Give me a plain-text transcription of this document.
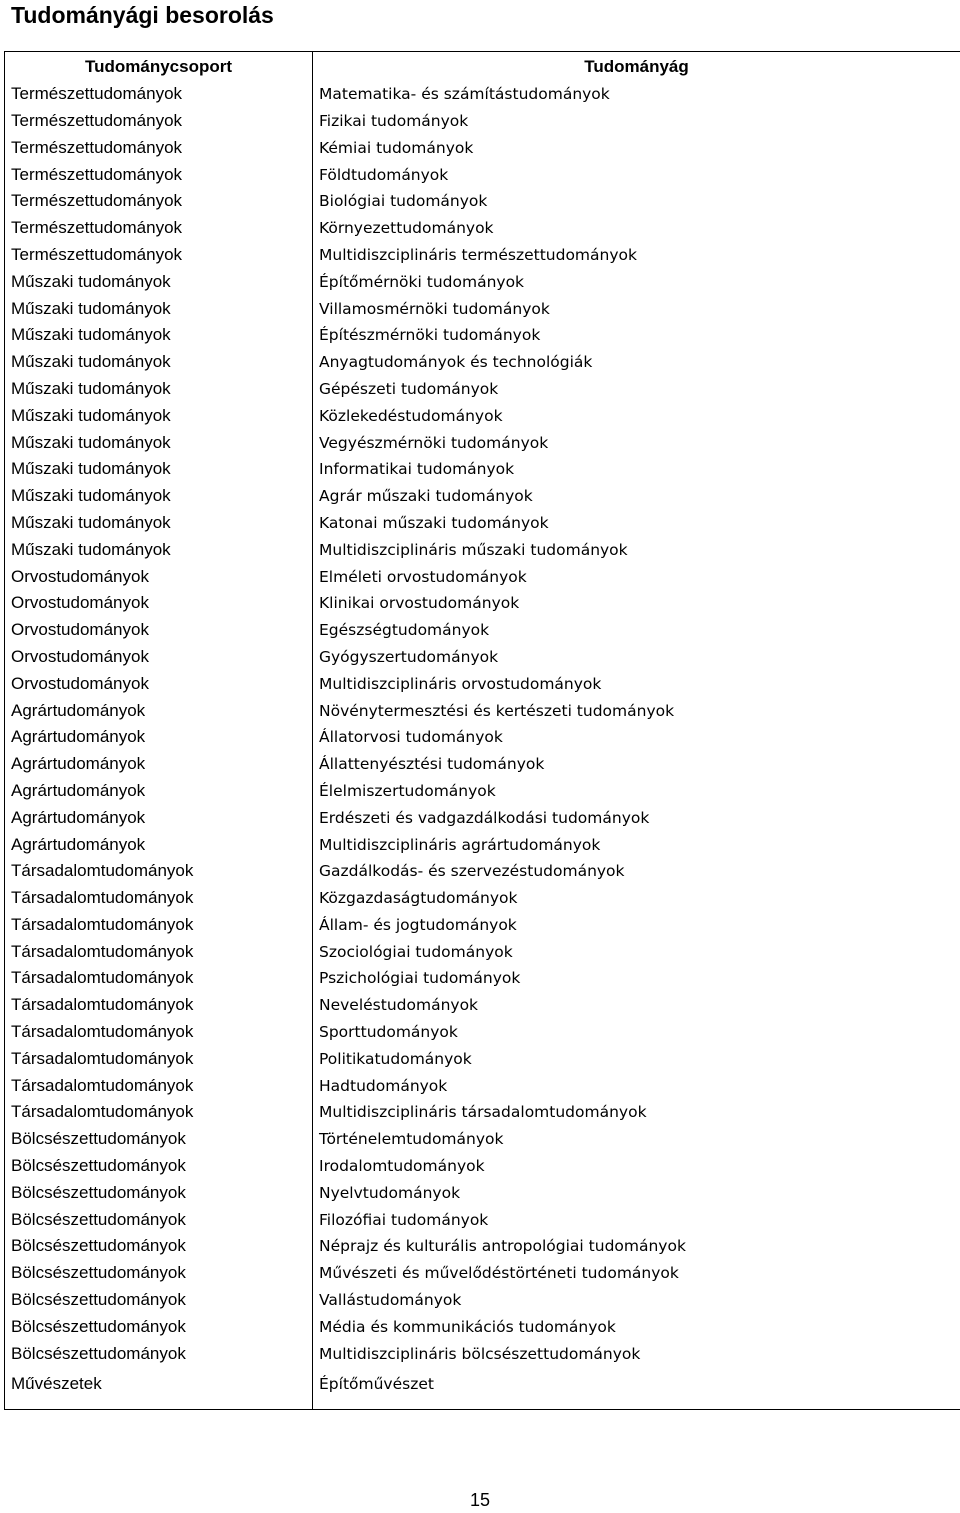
Tudományági besorolás
Tudománycsoport	Tudományág
Természettudományok	Matematika- és számítástudományok
Természettudományok	Fizikai tudományok
Természettudományok	Kémiai tudományok
Természettudományok	Földtudományok
Természettudományok	Biológiai tudományok
Természettudományok	Környezettudományok
Természettudományok	Multidiszciplináris természettudományok
Műszaki tudományok	Építőmérnöki tudományok
Műszaki tudományok	Villamosmérnöki tudományok
Műszaki tudományok	Építészmérnöki tudományok
Műszaki tudományok	Anyagtudományok és technológiák
Műszaki tudományok	Gépészeti tudományok
Műszaki tudományok	Közlekedéstudományok
Műszaki tudományok	Vegyészmérnöki tudományok
Műszaki tudományok	Informatikai tudományok
Műszaki tudományok	Agrár műszaki tudományok
Műszaki tudományok	Katonai műszaki tudományok
Műszaki tudományok	Multidiszciplináris műszaki tudományok
Orvostudományok	Elméleti orvostudományok
Orvostudományok	Klinikai orvostudományok
Orvostudományok	Egészségtudományok
Orvostudományok	Gyógyszertudományok
Orvostudományok	Multidiszciplináris orvostudományok
Agrártudományok	Növénytermesztési és kertészeti tudományok
Agrártudományok	Állatorvosi tudományok
Agrártudományok	Állattenyésztési tudományok
Agrártudományok	Élelmiszertudományok
Agrártudományok	Erdészeti és vadgazdálkodási tudományok
Agrártudományok	Multidiszciplináris agrártudományok
Társadalomtudományok	Gazdálkodás- és szervezéstudományok
Társadalomtudományok	Közgazdaságtudományok
Társadalomtudományok	Állam- és jogtudományok
Társadalomtudományok	Szociológiai tudományok
Társadalomtudományok	Pszichológiai tudományok
Társadalomtudományok	Neveléstudományok
Társadalomtudományok	Sporttudományok
Társadalomtudományok	Politikatudományok
Társadalomtudományok	Hadtudományok
Társadalomtudományok	Multidiszciplináris társadalomtudományok
Bölcsészettudományok	Történelemtudományok
Bölcsészettudományok	Irodalomtudományok
Bölcsészettudományok	Nyelvtudományok
Bölcsészettudományok	Filozófiai tudományok
Bölcsészettudományok	Néprajz és kulturális antropológiai tudományok
Bölcsészettudományok	Művészeti és művelődéstörténeti tudományok
Bölcsészettudományok	Vallástudományok
Bölcsészettudományok	Média és kommunikációs tudományok
Bölcsészettudományok	Multidiszciplináris bölcsészettudományok
Művészetek	Építőművészet
15
